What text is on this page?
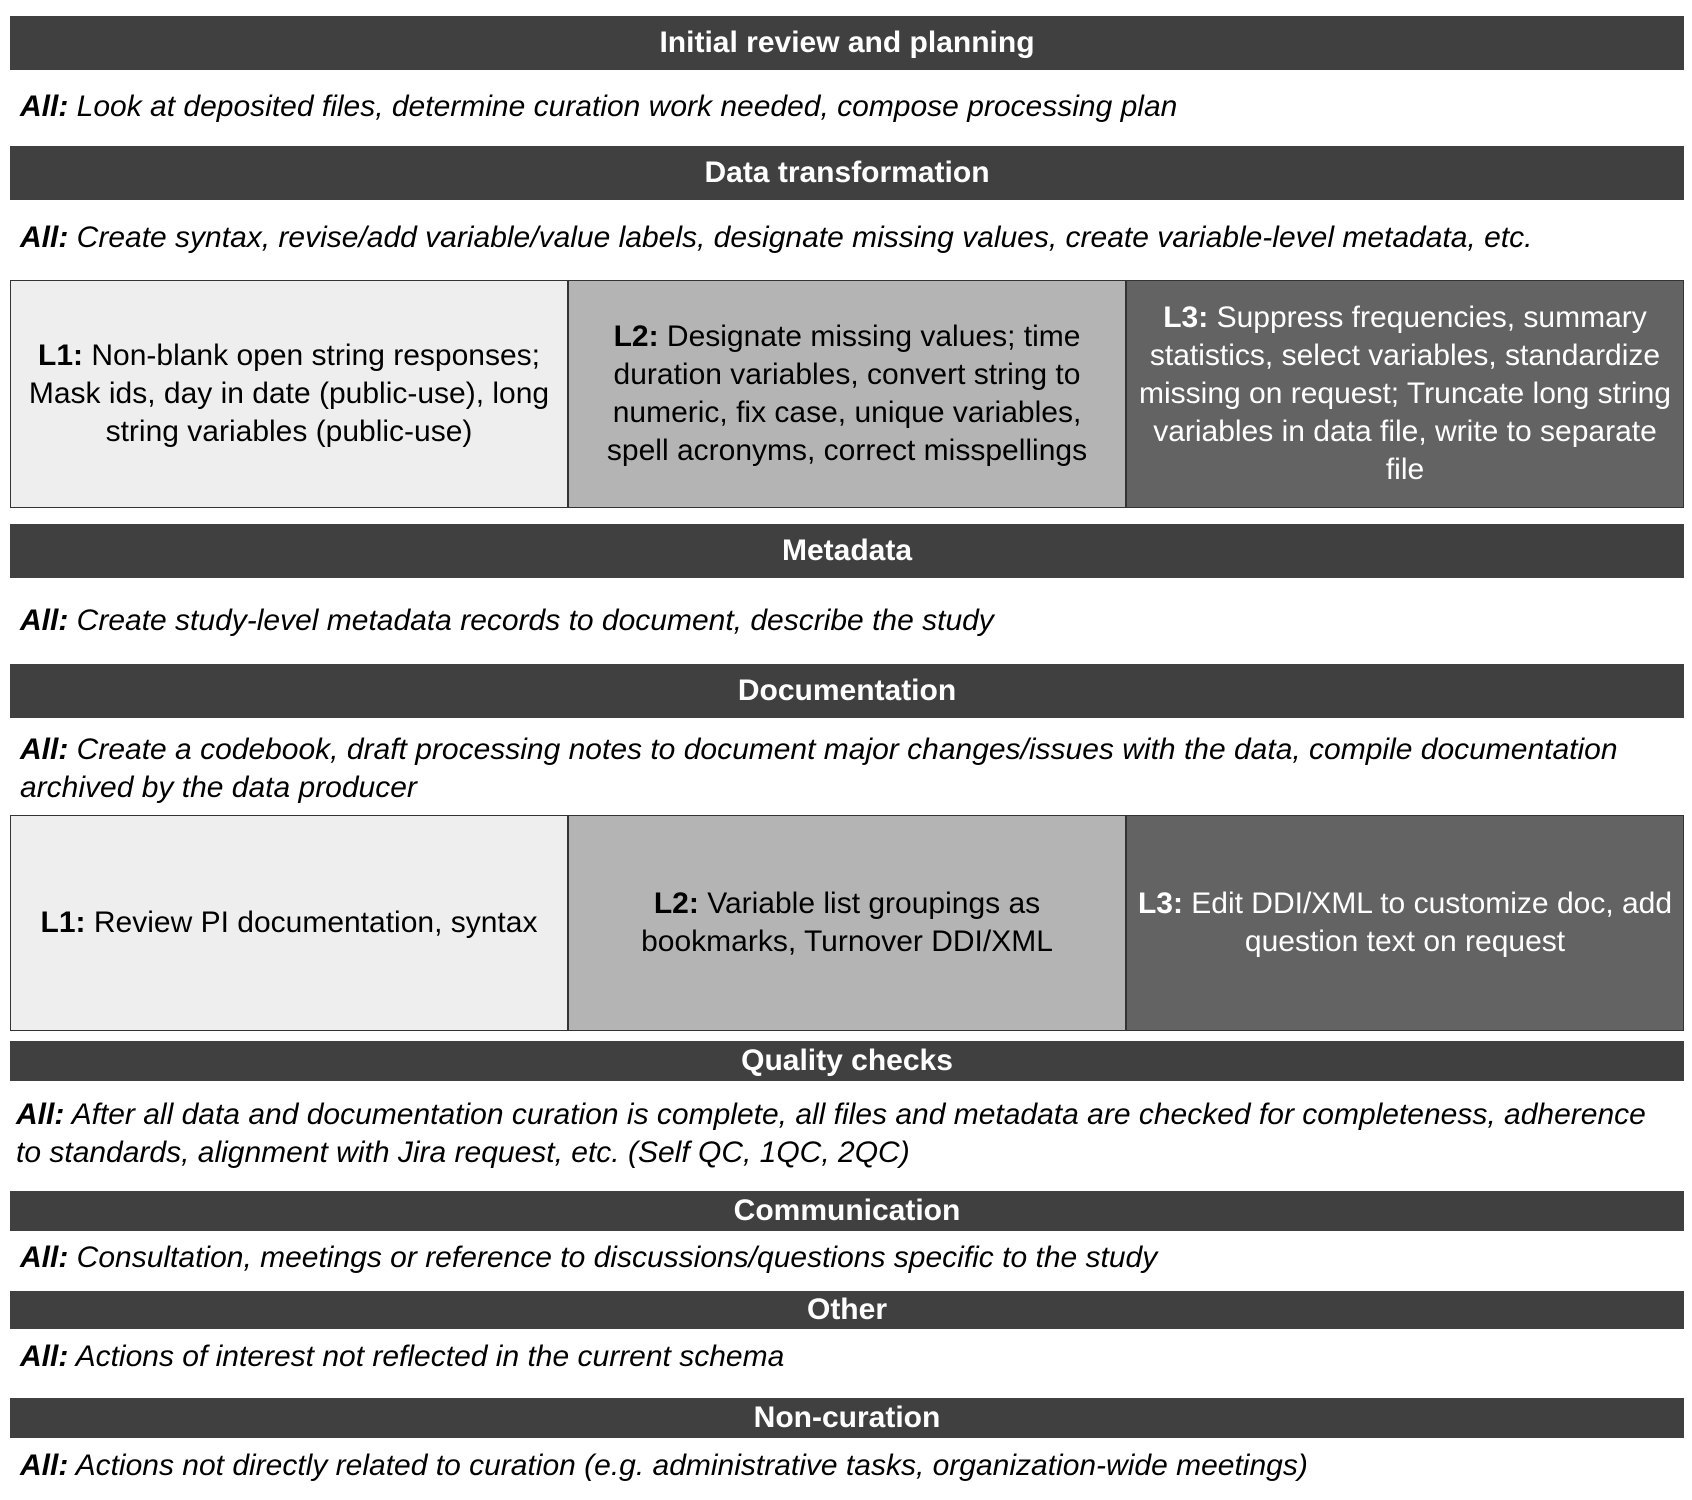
Initial review and planning
All: Look at deposited files, determine curation work needed, compose processing plan
Data transformation
All: Create syntax, revise/add variable/value labels, designate missing values, create variable-level metadata, etc.
L1: Non-blank open string responses; Mask ids, day in date (public-use), long string variables (public-use)
L2: Designate missing values; time duration variables, convert string to numeric, fix case, unique variables, spell acronyms, correct misspellings
L3: Suppress frequencies, summary statistics, select variables, standardize missing on request; Truncate long string variables in data file, write to separate file
Metadata
All: Create study-level metadata records to document, describe the study
Documentation
All: Create a codebook, draft processing notes to document major changes/issues with the data, compile documentation archived by the data producer
L1: Review PI documentation, syntax
L2: Variable list groupings as bookmarks, Turnover DDI/XML
L3: Edit DDI/XML to customize doc, add question text on request
Quality checks
All: After all data and documentation curation is complete, all files and metadata are checked for completeness, adherence to standards, alignment with Jira request, etc. (Self QC, 1QC, 2QC)
Communication
All: Consultation, meetings or reference to discussions/questions specific to the study
Other
All: Actions of interest not reflected in the current schema
Non-curation
All: Actions not directly related to curation (e.g. administrative tasks, organization-wide meetings)
